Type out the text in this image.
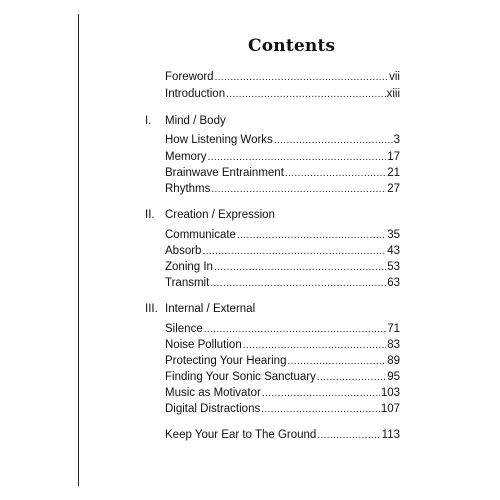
Contents
Foreword . . .	vii
Introduction . . .	xiii
I.	Mind / Body
How Listening Works . . .	3
Memory . . .	17
Brainwave Entrainment . . .	21
Rhythms . . .	27
II. Creation / Expression
Communicate . . .	35
Absorb . . .	43
Zoning In . . .	53
Transmit . . .	63
III. Internal / External
Silence . . .	71
Noise Pollution . . .	83
Protecting Your Hearing . . .	89
Finding Your Sonic Sanctuary . . .	95
Music as Motivator . . .	103
Digital Distractions . . .	107
Keep Your Ear to The Ground . . .	113
